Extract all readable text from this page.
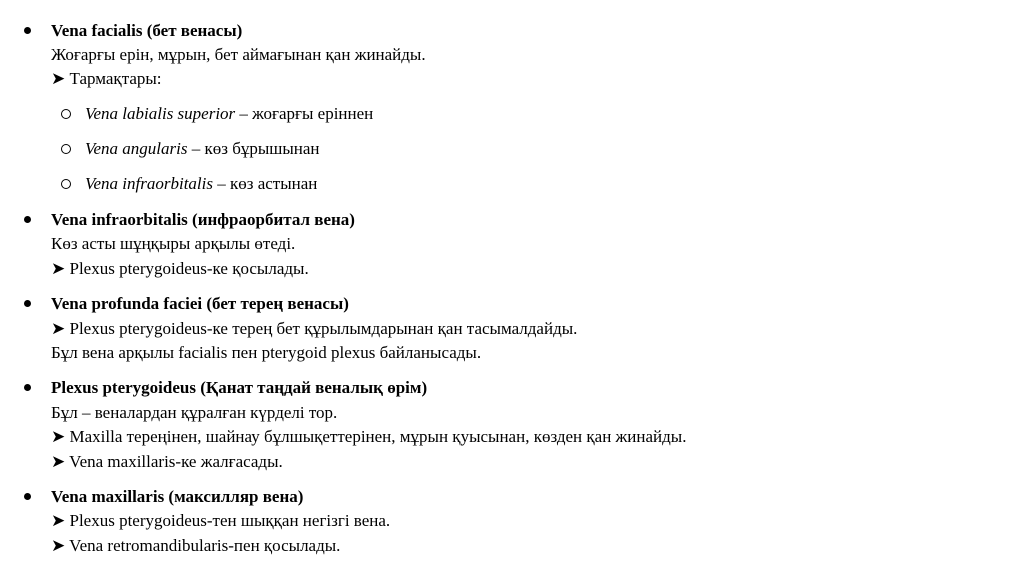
Vena facialis (бет венасы)
Жоғарғы ерін, мұрын, бет аймағынан қан жинайды.
➤ Тармақтары:
Vena labialis superior – жоғарғы еріннен
Vena angularis – көз бұрышынан
Vena infraorbitalis – көз астынан
Vena infraorbitalis (инфраорбитал вена)
Көз асты шұңқыры арқылы өтеді.
➤ Plexus pterygoideus-ке қосылады.
Vena profunda faciei (бет терең венасы)
➤ Plexus pterygoideus-ке терең бет құрылымдарынан қан тасымалдайды.
Бұл вена арқылы facialis пен pterygoid plexus байланысады.
Plexus pterygoideus (Қанат таңдай веналық өрім)
Бұл – веналардан құралған күрделі тор.
➤ Maxilla тереңінен, шайнау бұлшықеттерінен, мұрын қуысынан, көзден қан жинайды.
➤ Vena maxillaris-ке жалғасады.
Vena maxillaris (максилляр вена)
➤ Plexus pterygoideus-тен шыққан негізгі вена.
➤ Vena retromandibularis-пен қосылады.
